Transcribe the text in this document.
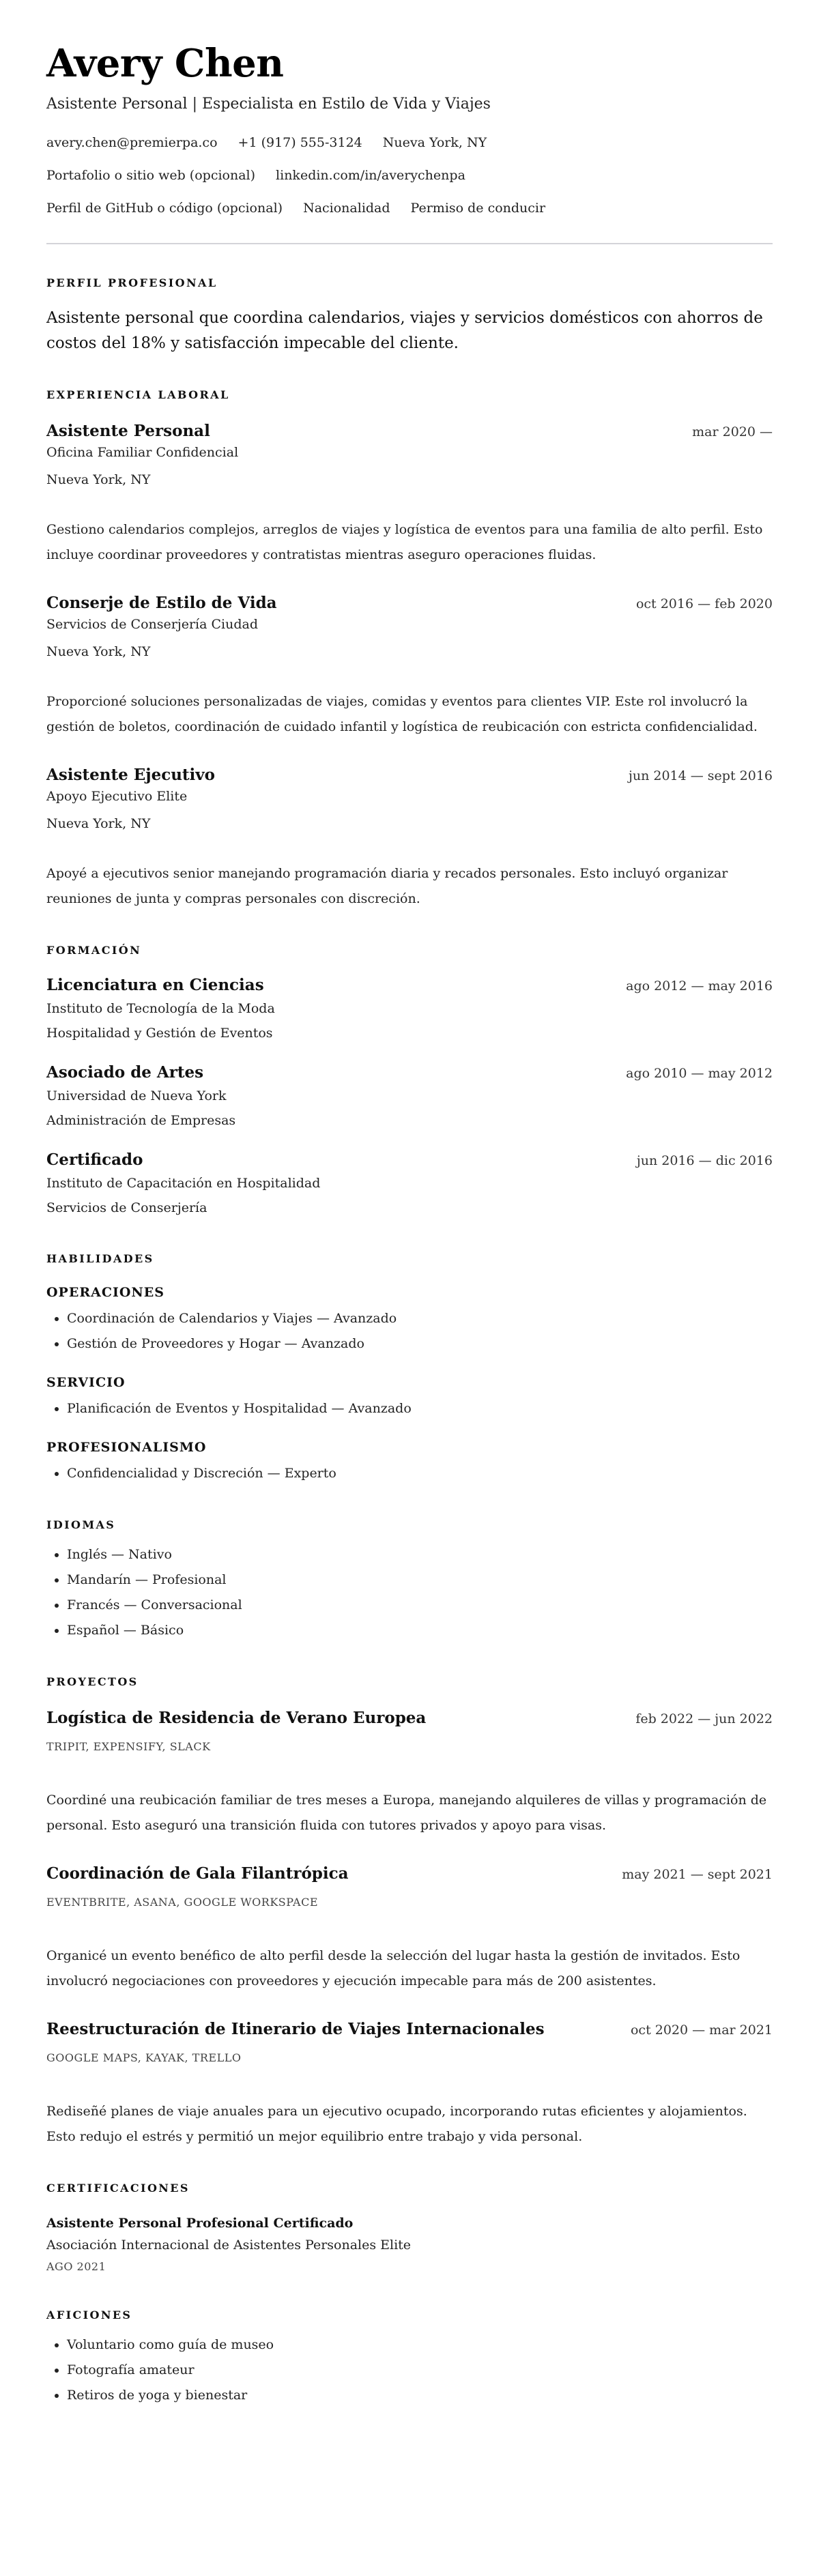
Avery Chen
Asistente Personal | Especialista en Estilo de Vida y Viajes
avery.chen@premierpa.co +1 (917) 555-3124 Nueva York, NY
Portafolio o sitio web (opcional) linkedin.com/in/averychenpa
Perfil de GitHub o código (opcional) Nacionalidad Permiso de conducir
PERFIL PROFESIONAL
Asistente personal que coordina calendarios, viajes y servicios domésticos con ahorros de costos del 18% y satisfacción impecable del cliente.
EXPERIENCIA LABORAL
Asistente Personal	mar 2020 —
Oficina Familiar Confidencial
Nueva York, NY
Gestiono calendarios complejos, arreglos de viajes y logística de eventos para una familia de alto perfil. Esto incluye coordinar proveedores y contratistas mientras aseguro operaciones fluidas.
Conserje de Estilo de Vida	oct 2016 — feb 2020
Servicios de Conserjería Ciudad
Nueva York, NY
Proporcioné soluciones personalizadas de viajes, comidas y eventos para clientes VIP. Este rol involucró la gestión de boletos, coordinación de cuidado infantil y logística de reubicación con estricta confidencialidad.
Asistente Ejecutivo	jun 2014 — sept 2016
Apoyo Ejecutivo Elite
Nueva York, NY
Apoyé a ejecutivos senior manejando programación diaria y recados personales. Esto incluyó organizar reuniones de junta y compras personales con discreción.
FORMACIÓN
Licenciatura en Ciencias	ago 2012 — may 2016
Instituto de Tecnología de la Moda
Hospitalidad y Gestión de Eventos
Asociado de Artes	ago 2010 — may 2012
Universidad de Nueva York
Administración de Empresas
Certificado	jun 2016 — dic 2016
Instituto de Capacitación en Hospitalidad
Servicios de Conserjería
HABILIDADES
OPERACIONES
• Coordinación de Calendarios y Viajes — Avanzado
• Gestión de Proveedores y Hogar — Avanzado
SERVICIO
• Planificación de Eventos y Hospitalidad — Avanzado
PROFESIONALISMO
• Confidencialidad y Discreción — Experto
IDIOMAS
• Inglés — Nativo
• Mandarín — Profesional
• Francés — Conversacional
• Español — Básico
PROYECTOS
Logística de Residencia de Verano Europea	feb 2022 — jun 2022
TRIPIT, EXPENSIFY, SLACK
Coordiné una reubicación familiar de tres meses a Europa, manejando alquileres de villas y programación de personal. Esto aseguró una transición fluida con tutores privados y apoyo para visas.
Coordinación de Gala Filantrópica	may 2021 — sept 2021
EVENTBRITE, ASANA, GOOGLE WORKSPACE
Organicé un evento benéfico de alto perfil desde la selección del lugar hasta la gestión de invitados. Esto involucró negociaciones con proveedores y ejecución impecable para más de 200 asistentes.
Reestructuración de Itinerario de Viajes Internacionales	oct 2020 — mar 2021
GOOGLE MAPS, KAYAK, TRELLO
Rediseñé planes de viaje anuales para un ejecutivo ocupado, incorporando rutas eficientes y alojamientos. Esto redujo el estrés y permitió un mejor equilibrio entre trabajo y vida personal.
CERTIFICACIONES
Asistente Personal Profesional Certificado
Asociación Internacional de Asistentes Personales Elite
AGO 2021
AFICIONES
• Voluntario como guía de museo
• Fotografía amateur
• Retiros de yoga y bienestar
